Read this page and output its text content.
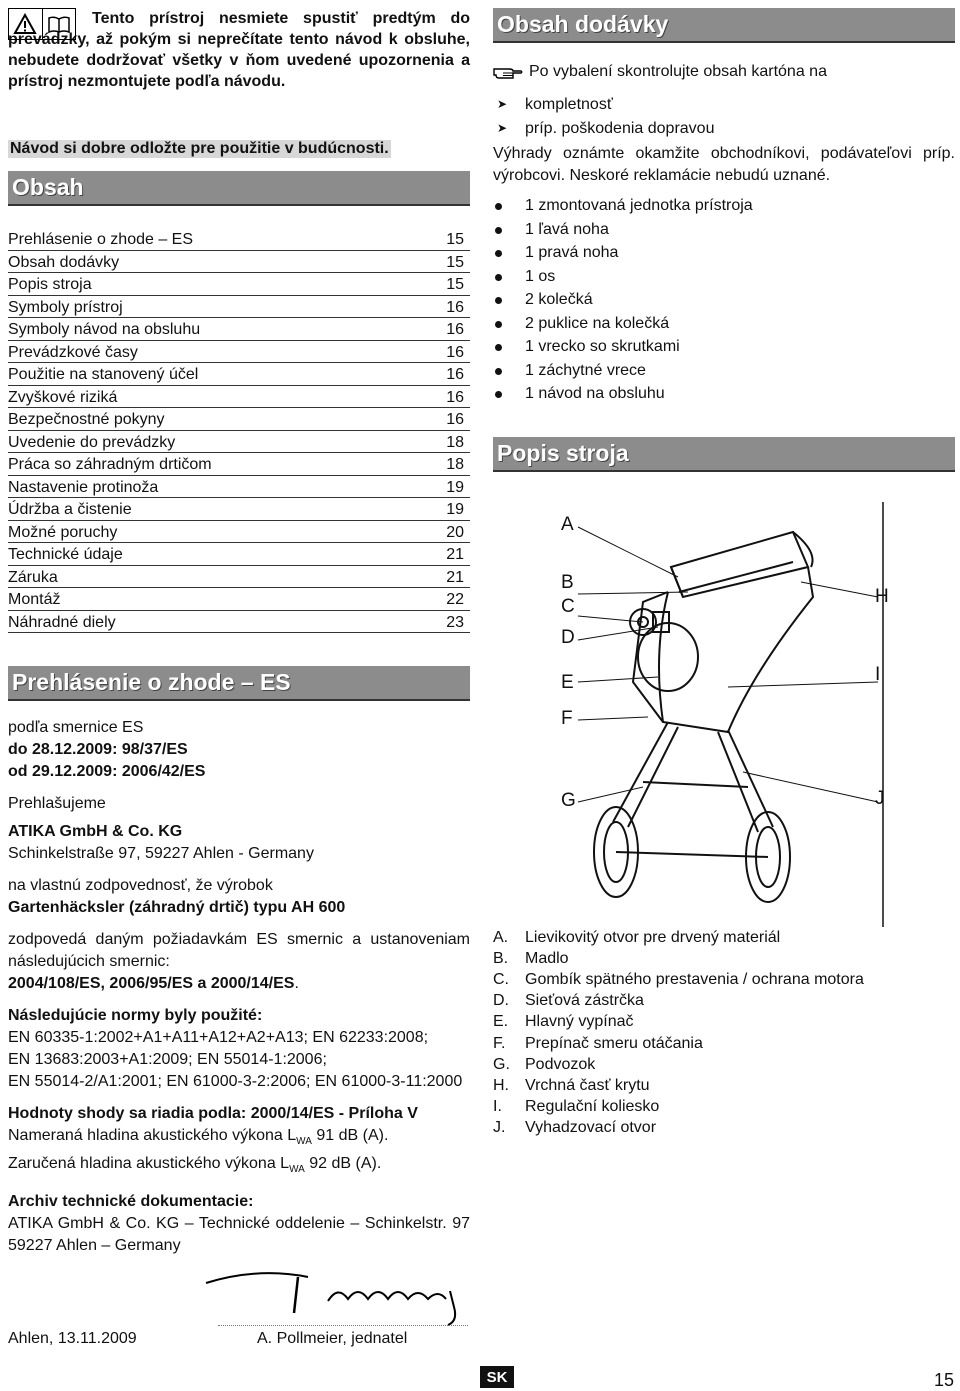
Tento prístroj nesmiete spustiť predtým do prevádzky, až pokým si neprečítate tento návod k obsluhe, nebudete dodržovať všetky v ňom uvedené upozornenia a prístroj nezmontujete podľa návodu.

Návod si dobre odložte pre použitie v budúcnosti.
Obsah
Prehlásenie o zhode – ES	15
Obsah dodávky	15
Popis stroja	15
Symboly prístroj	16
Symboly návod na obsluhu	16
Prevádzkové časy	16
Použitie na stanovený účel	16
Zvyškové riziká	16
Bezpečnostné pokyny	16
Uvedenie do prevádzky	18
Práca so záhradným drtičom	18
Nastavenie protinoža	19
Údržba a čistenie	19
Možné poruchy	20
Technické údaje	21
Záruka	21
Montáž	22
Náhradné diely	23
Prehlásenie o zhode – ES

podľa smernice ES

do 28.12.2009: 98/37/ES

od 29.12.2009: 2006/42/ES

Prehlašujeme

ATIKA GmbH & Co. KG

Schinkelstraße 97, 59227 Ahlen - Germany

na vlastnú zodpovednosť, že výrobok

Gartenhäcksler (záhradný drtič) typu AH 600

zodpovedá daným požiadavkám ES smernic a ustanoveniam následujúcich smernic:

2004/108/ES, 2006/95/ES a 2000/14/ES.

Následujúcie normy byly použité:

EN 60335-1:2002+A1+A11+A12+A2+A13; EN 62233:2008;

EN 13683:2003+A1:2009; EN 55014-1:2006;

EN 55014-2/A1:2001; EN 61000-3-2:2006; EN 61000-3-11:2000

Hodnoty shody sa riadia podla: 2000/14/ES - Príloha V

Nameraná hladina akustického výkona $L_{WA}$ 91 dB (A).

Zaručená hladina akustického výkona $L_{WA}$ 92 dB (A).

Archiv technické dokumentacie:

ATIKA GmbH & Co. KG – Technické oddelenie – Schinkelstr. 97 59227 Ahlen – Germany

Ahlen, 13.11.2009	A. Pollmeier, jednatel
Obsah dodávky
Po vybalení skontrolujte obsah kartóna na
➤ kompletnosť
➤ príp. poškodenia dopravou

Výhrady oznámte okamžite obchodníkovi, podávateľovi príp. výrobcovi. Neskoré reklamácie nebudú uznané.

1 zmontovaná jednotka prístroja
1 ľavá noha
1 pravá noha
1 os
2 kolečká
2 puklice na kolečká
1 vrecko so skrutkami
1 záchytné vrece
1 návod na obsluhu
Popis stroja
A
B
C
D
E
F
G
H
I
J
A.	Lievikovitý otvor pre drvený materiál
B.	Madlo
C.	Gombík spätného prestavenia / ochrana motora
D.	Sieťová zástrčka
E.	Hlavný vypínač
F.	Prepínač smeru otáčania
G. Podvozok
H.	Vrchná časť krytu
I.	Regulační koliesko
J.	Vyhadzovací otvor
SK	15
